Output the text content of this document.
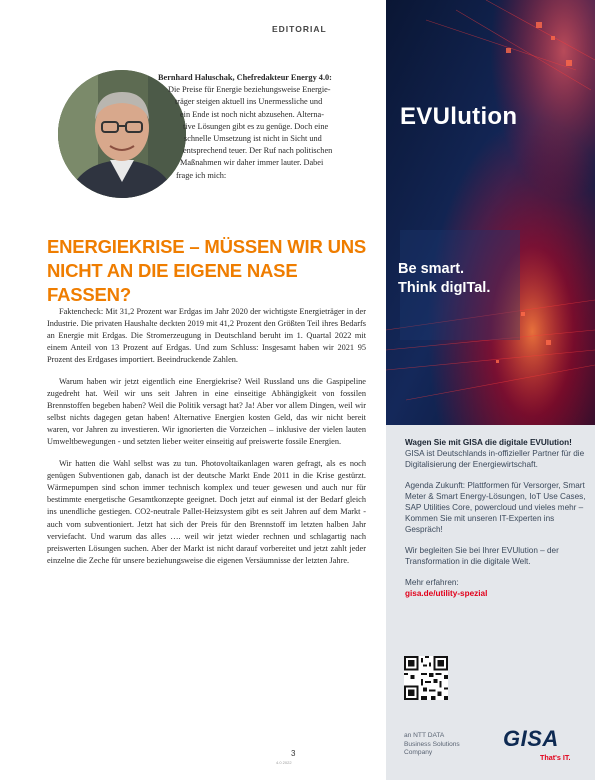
EDITORIAL

Bernhard Haluschak, Chefredakteur Energy 4.0:

Die Preise für Energie beziehungsweise Energie-

träger steigen aktuell ins Unermessliche und

ein Ende ist noch nicht abzusehen. Alterna-

tive Lösungen gibt es zu genüge. Doch eine

schnelle Umsetzung ist nicht in Sicht und

entsprechend teuer. Der Ruf nach politischen

Maßnahmen wir daher immer lauter. Dabei

frage ich mich:

ENERGIEKRISE – MÜSSEN WIR UNS
NICHT AN DIE EIGENE NASE FASSEN?

Faktencheck: Mit 31,2 Prozent war Erdgas im Jahr 2020 der wichtigste Energieträger in der Industrie. Die privaten Haushalte deckten 2019 mit 41,2 Prozent den Größten Teil ihres Bedarfs an Energie mit Erdgas. Die Stromerzeugung in Deutschland beruht im 1. Quartal 2022 mit einem Anteil von 13 Prozent auf Erdgas. Und zum Schluss: Insgesamt haben wir 2021 95 Prozent des Erdgases importiert. Beeindruckende Zahlen.

Warum haben wir jetzt eigentlich eine Energiekrise? Weil Russland uns die Gaspipeline zugedreht hat. Weil wir uns seit Jahren in eine einseitige Abhängigkeit von fossilen Brennstoffen begeben haben? Weil die Politik versagt hat? Ja! Aber vor allem Dingen, weil wir selbst nichts dagegen getan haben! Alternative Energien kosten Geld, das wir nicht bereit waren, vor Jahren zu investieren. Wir ignorierten die Vorzeichen – inklusive der vielen lauten Umweltbewegungen - und setzten lieber weiter einseitig auf preiswerte fossile Energien.

Wir hatten die Wahl selbst was zu tun. Photovoltaikanlagen waren gefragt, als es noch genügen Subventionen gab, danach ist der deutsche Markt Ende 2011 in die Krise gestürzt. Wärmepumpen sind schon immer technisch komplex und teuer gewesen und auch nur für bestimmte energetische Gesamtkonzepte geeignet. Doch jetzt auf einmal ist der Bedarf gleich ins unendliche gestiegen. CO2-neutrale Pallet-Heizsystem gibt es seit Jahren auf dem Markt - auch vom subventioniert. Jetzt hat sich der Preis für den Brennstoff im letzten halben Jahr verviefacht. Und warum das alles …. weil wir jetzt wieder rechnen und schlagartig nach preiswerten Lösungen suchen. Aber der Markt ist nicht darauf vorbereitet und jetzt zahlt jeder einzelne die Zeche für unsere beziehungsweise die eigenen Versäumnisse der letzten Jahre.

3
4.0 2022
EVUlution
Be smart.
Think digITal.

Wagen Sie mit GISA die digitale EVUlution! GISA ist Deutschlands in-offizieller Partner für die Digitalisierung der Energiewirtschaft.

Agenda Zukunft: Plattformen für Versorger, Smart Meter & Smart Energy-Lösungen, IoT Use Cases, SAP Utilities Core, powercloud und vieles mehr – Kommen Sie mit unseren IT-Experten ins Gespräch!

Wir begleiten Sie bei Ihrer EVUlution – der Transformation in die digitale Welt.

Mehr erfahren:
gisa.de/utility-spezial

an NTT DATA
Business Solutions
Company
GISA
That's IT.
